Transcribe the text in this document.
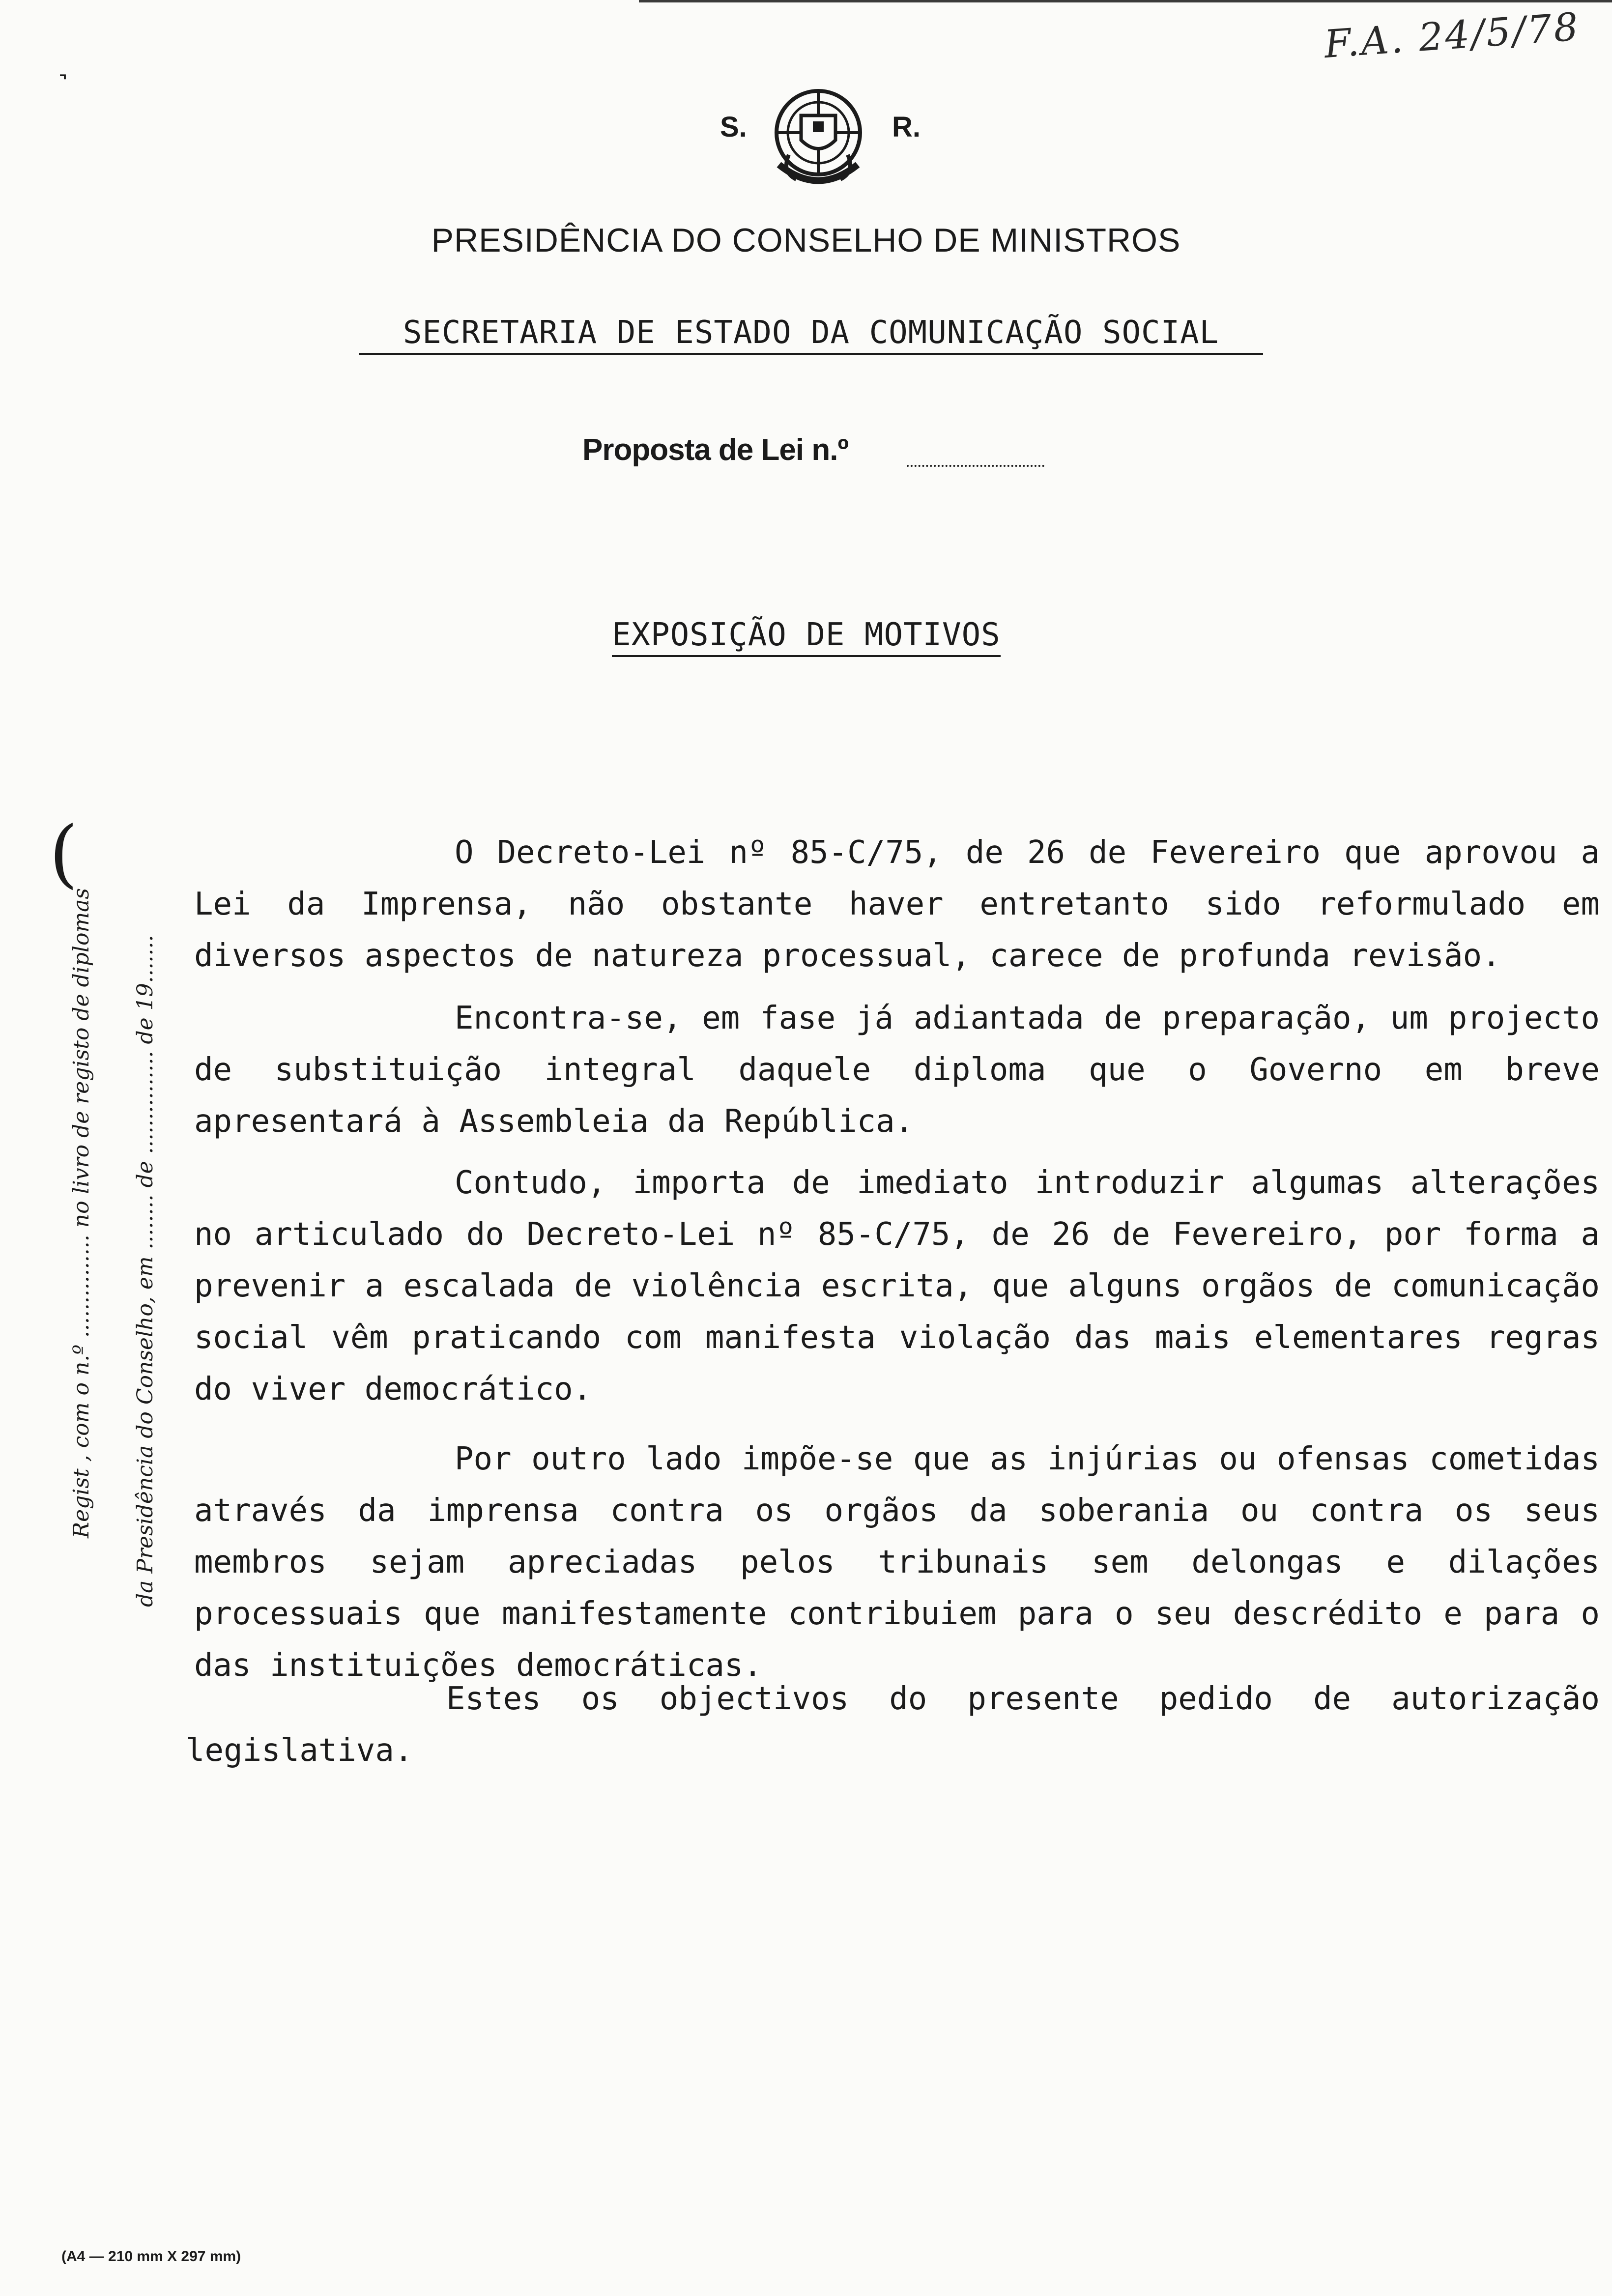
˺
F.A. 24/5/78
S.	R.
PRESIDÊNCIA DO CONSELHO DE MINISTROS
SECRETARIA DE ESTADO DA COMUNICAÇÃO SOCIAL
Proposta de Lei n.º
EXPOSIÇÃO DE MOTIVOS
O Decreto-Lei nº 85-C/75, de 26 de Fevereiro que aprovou a Lei da Imprensa, não obstante haver entretanto sido reformulado em diversos aspectos de natureza processual, carece de profunda revisão.
Encontra-se, em fase já adiantada de preparação, um projecto de substituição integral daquele diploma que o Governo em breve apresentará à Assembleia da República.
Contudo, importa de imediato introduzir algumas alterações no articulado do Decreto-Lei nº 85-C/75, de 26 de Fevereiro, por forma a prevenir a escalada de violência escrita, que alguns orgãos de comunicação social vêm praticando com manifesta violação das mais elementares regras do viver democrático.
Por outro lado impõe-se que as injúrias ou ofensas cometidas através da imprensa contra os orgãos da soberania ou contra os seus membros sejam apreciadas pelos tribunais sem delongas e dilações processuais que manifestamente contribuiem para o seu descrédito e para o das instituições democráticas.
Estes os objectivos do presente pedido de autorização legislativa.
(
Regist , com o n.º ............... no livro de registo de diplomas da Presidência do Conselho, em ........ de ............... de 19.......
(A4 — 210 mm X 297 mm)
